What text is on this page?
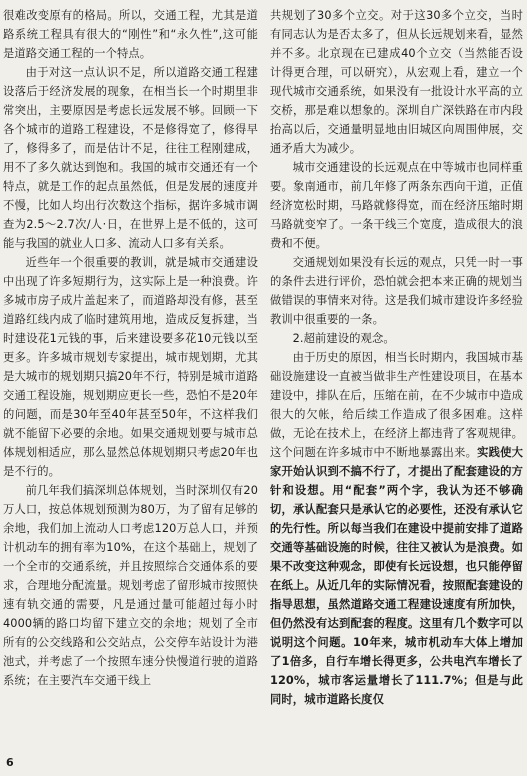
很难改变原有的格局。所以，交通工程，尤其是道路系统工程具有很大的“刚性”和“永久性”,这可能是道路交通工程的一个特点。

由于对这一点认识不足，所以道路交通工程建设落后于经济发展的现象，在相当长一个时期里非常突出，主要原因是考虑长远发展不够。回顾一下各个城市的道路工程建设，不是修得宽了，修得早了，修得多了，而是估计不足，往往工程刚建成，用不了多久就达到饱和。我国的城市交通还有一个特点，就是工作的起点虽然低，但是发展的速度并不慢，比如人均出行次数这个指标，据许多城市调查为2.5～2.7次/人·日，在世界上是不低的，这可能与我国的就业人口多、流动人口多有关系。

近些年一个很重要的教训，就是城市交通建设中出现了许多短期行为，这实际上是一种浪费。许多城市房子成片盖起来了，而道路却没有修，甚至道路红线内成了临时建筑用地，造成反复拆建，当时建设花1元钱的事，后来建设要多花10元钱以至更多。许多城市规划专家提出，城市规划期，尤其是大城市的规划期只搞20年不行，特别是城市道路交通工程设施，规划期应更长一些，恐怕不是20年的问题，而是30年至40年甚至50年，不这样我们就不能留下必要的余地。如果交通规划要与城市总体规划相适应，那么显然总体规划期只考虑20年也是不行的。

前几年我们搞深圳总体规划，当时深圳仅有20万人口，按总体规划预测为80万，为了留有足够的余地，我们加上流动人口考虑120万总人口，并预计机动车的拥有率为10%，在这个基础上，规划了一个全市的交通系统，并且按照综合交通体系的要求，合理地分配流量。规划考虑了留形城市按照快速有轨交通的需要，凡是通过量可能超过每小时4000辆的路口均留下建立交的余地；规划了全市所有的公交线路和公交站点，公交停车站设计为港池式，并考虑了一个按照车速分快慢道行驶的道路系统；在主要汽车交通干线上

共规划了30多个立交。对于这30多个立交，当时有同志认为是否太多了，但从长远规划来看，显然并不多。北京现在已建成40个立交（当然能否设计得更合理，可以研究），从宏观上看，建立一个现代城市交通系统，如果没有一批设计水平高的立交桥，那是难以想象的。深圳自广深铁路在市内段抬高以后，交通量明显地由旧城区向周围伸展，交通矛盾大为减少。

城市交通建设的长远观点在中等城市也同样重要。象南通市，前几年修了两条东西向干道，正值经济宽松时期，马路就修得宽，而在经济压缩时期马路就变窄了。一条干线三个宽度，造成很大的浪费和不便。

交通规划如果没有长远的观点，只凭一时一事的条件去进行评价，恐怕就会把本来正确的规划当做错误的事情来对待。这是我们城市建设许多经验教训中很重要的一条。

2.超前建设的观念。

由于历史的原因，相当长时期内，我国城市基础设施建设一直被当做非生产性建设项目，在基本建设中，排队在后，压缩在前，在不少城市中造成很大的欠帐，给后续工作造成了很多困难。这样做，无论在技术上，在经济上都违背了客观规律。这个问题在许多城市中不断地暴露出来。实践使大家开始认识到不搞不行了，才提出了配套建设的方针和设想。用“配套”两个字，我认为还不够确切，承认配套只是承认它的必要性，还没有承认它的先行性。所以每当我们在建设中提前安排了道路交通等基础设施的时候，往往又被认为是浪费。如果不改变这种观念，即使有长远设想，也只能停留在纸上。从近几年的实际情况看，按照配套建设的指导思想，虽然道路交通工程建设速度有所加快，但仍然没有达到配套的程度。这里有几个数字可以说明这个问题。10年来，城市机动车大体上增加了1倍多，自行车增长得更多，公共电汽车增长了120%，城市客运量增长了111.7%；但是与此同时，城市道路长度仅

6
